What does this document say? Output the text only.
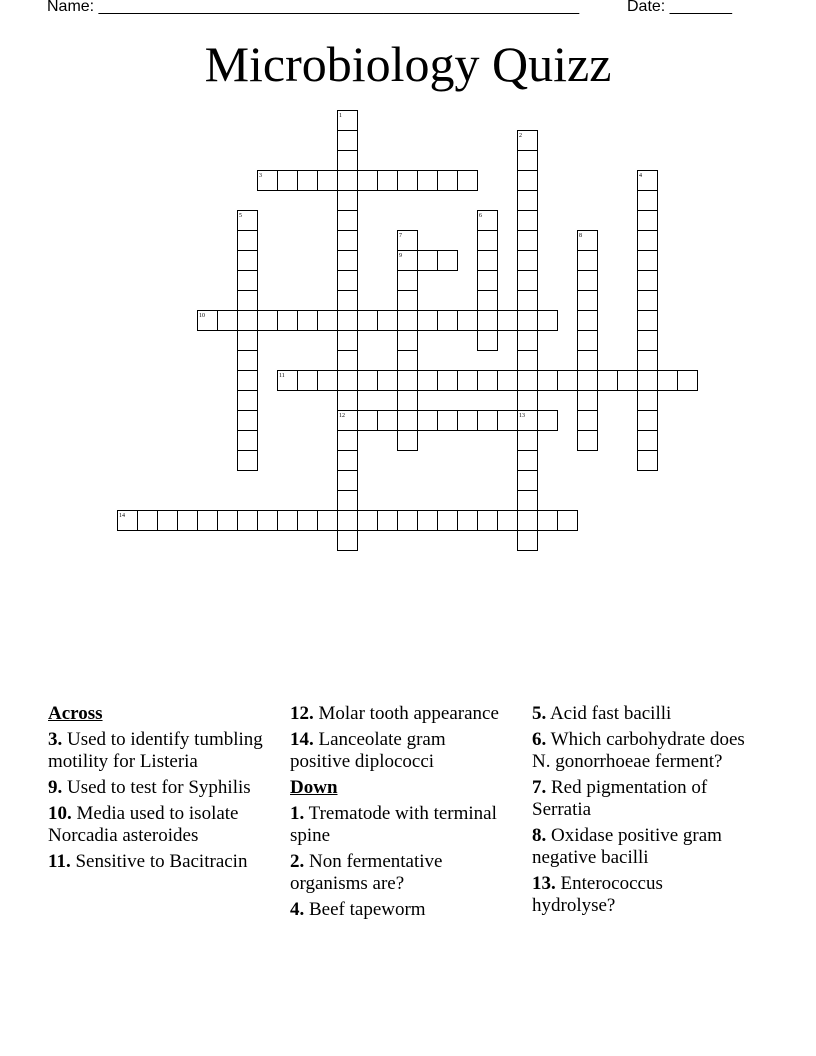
Name: ______________________________________________________	Date: _______
Microbiology Quizz
1
2
3	4
5	6
7	8
9
10
11
12	13
14
Across
3. Used to identify tumbling motility for Listeria
9. Used to test for Syphilis
10. Media used to isolate Norcadia asteroides
11. Sensitive to Bacitracin
12. Molar tooth appearance
14. Lanceolate gram positive diplococci
Down
1. Trematode with terminal spine
2. Non fermentative organisms are?
4. Beef tapeworm
5. Acid fast bacilli
6. Which carbohydrate does N. gonorrhoeae ferment?
7. Red pigmentation of Serratia
8. Oxidase positive gram negative bacilli
13. Enterococcus hydrolyse?
